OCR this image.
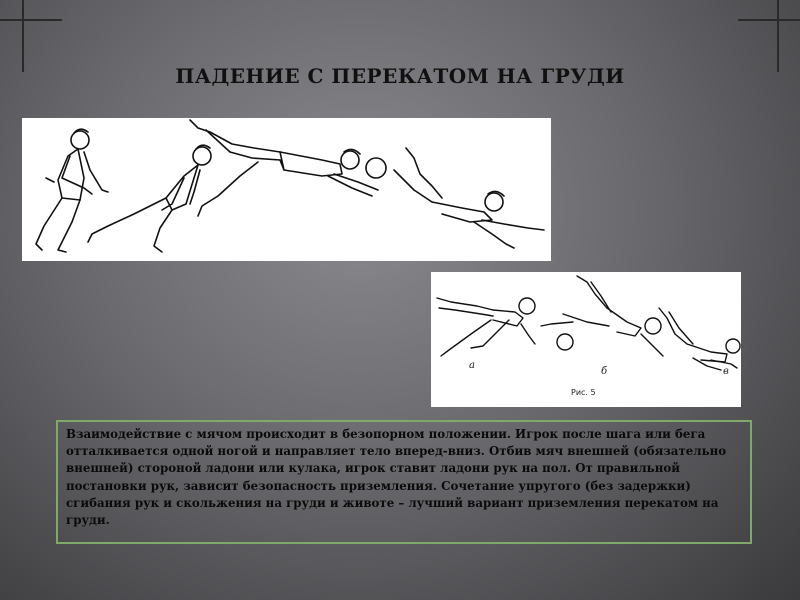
ПАДЕНИЕ С ПЕРЕКАТОМ НА ГРУДИ
а
б	в
Рис. 5

Взаимодействие с мячом происходит в безопорном положении. Игрок после шага или бега отталкивается одной ногой и направляет тело вперед-вниз. Отбив мяч внешней (обязательно внешней) стороной ладони или кулака, игрок ставит ладони рук на пол. От правильной постановки рук, зависит безопасность приземления. Сочетание упругого (без задержки) сгибания рук и скольжения на груди и животе – лучший вариант приземления перекатом на груди.
